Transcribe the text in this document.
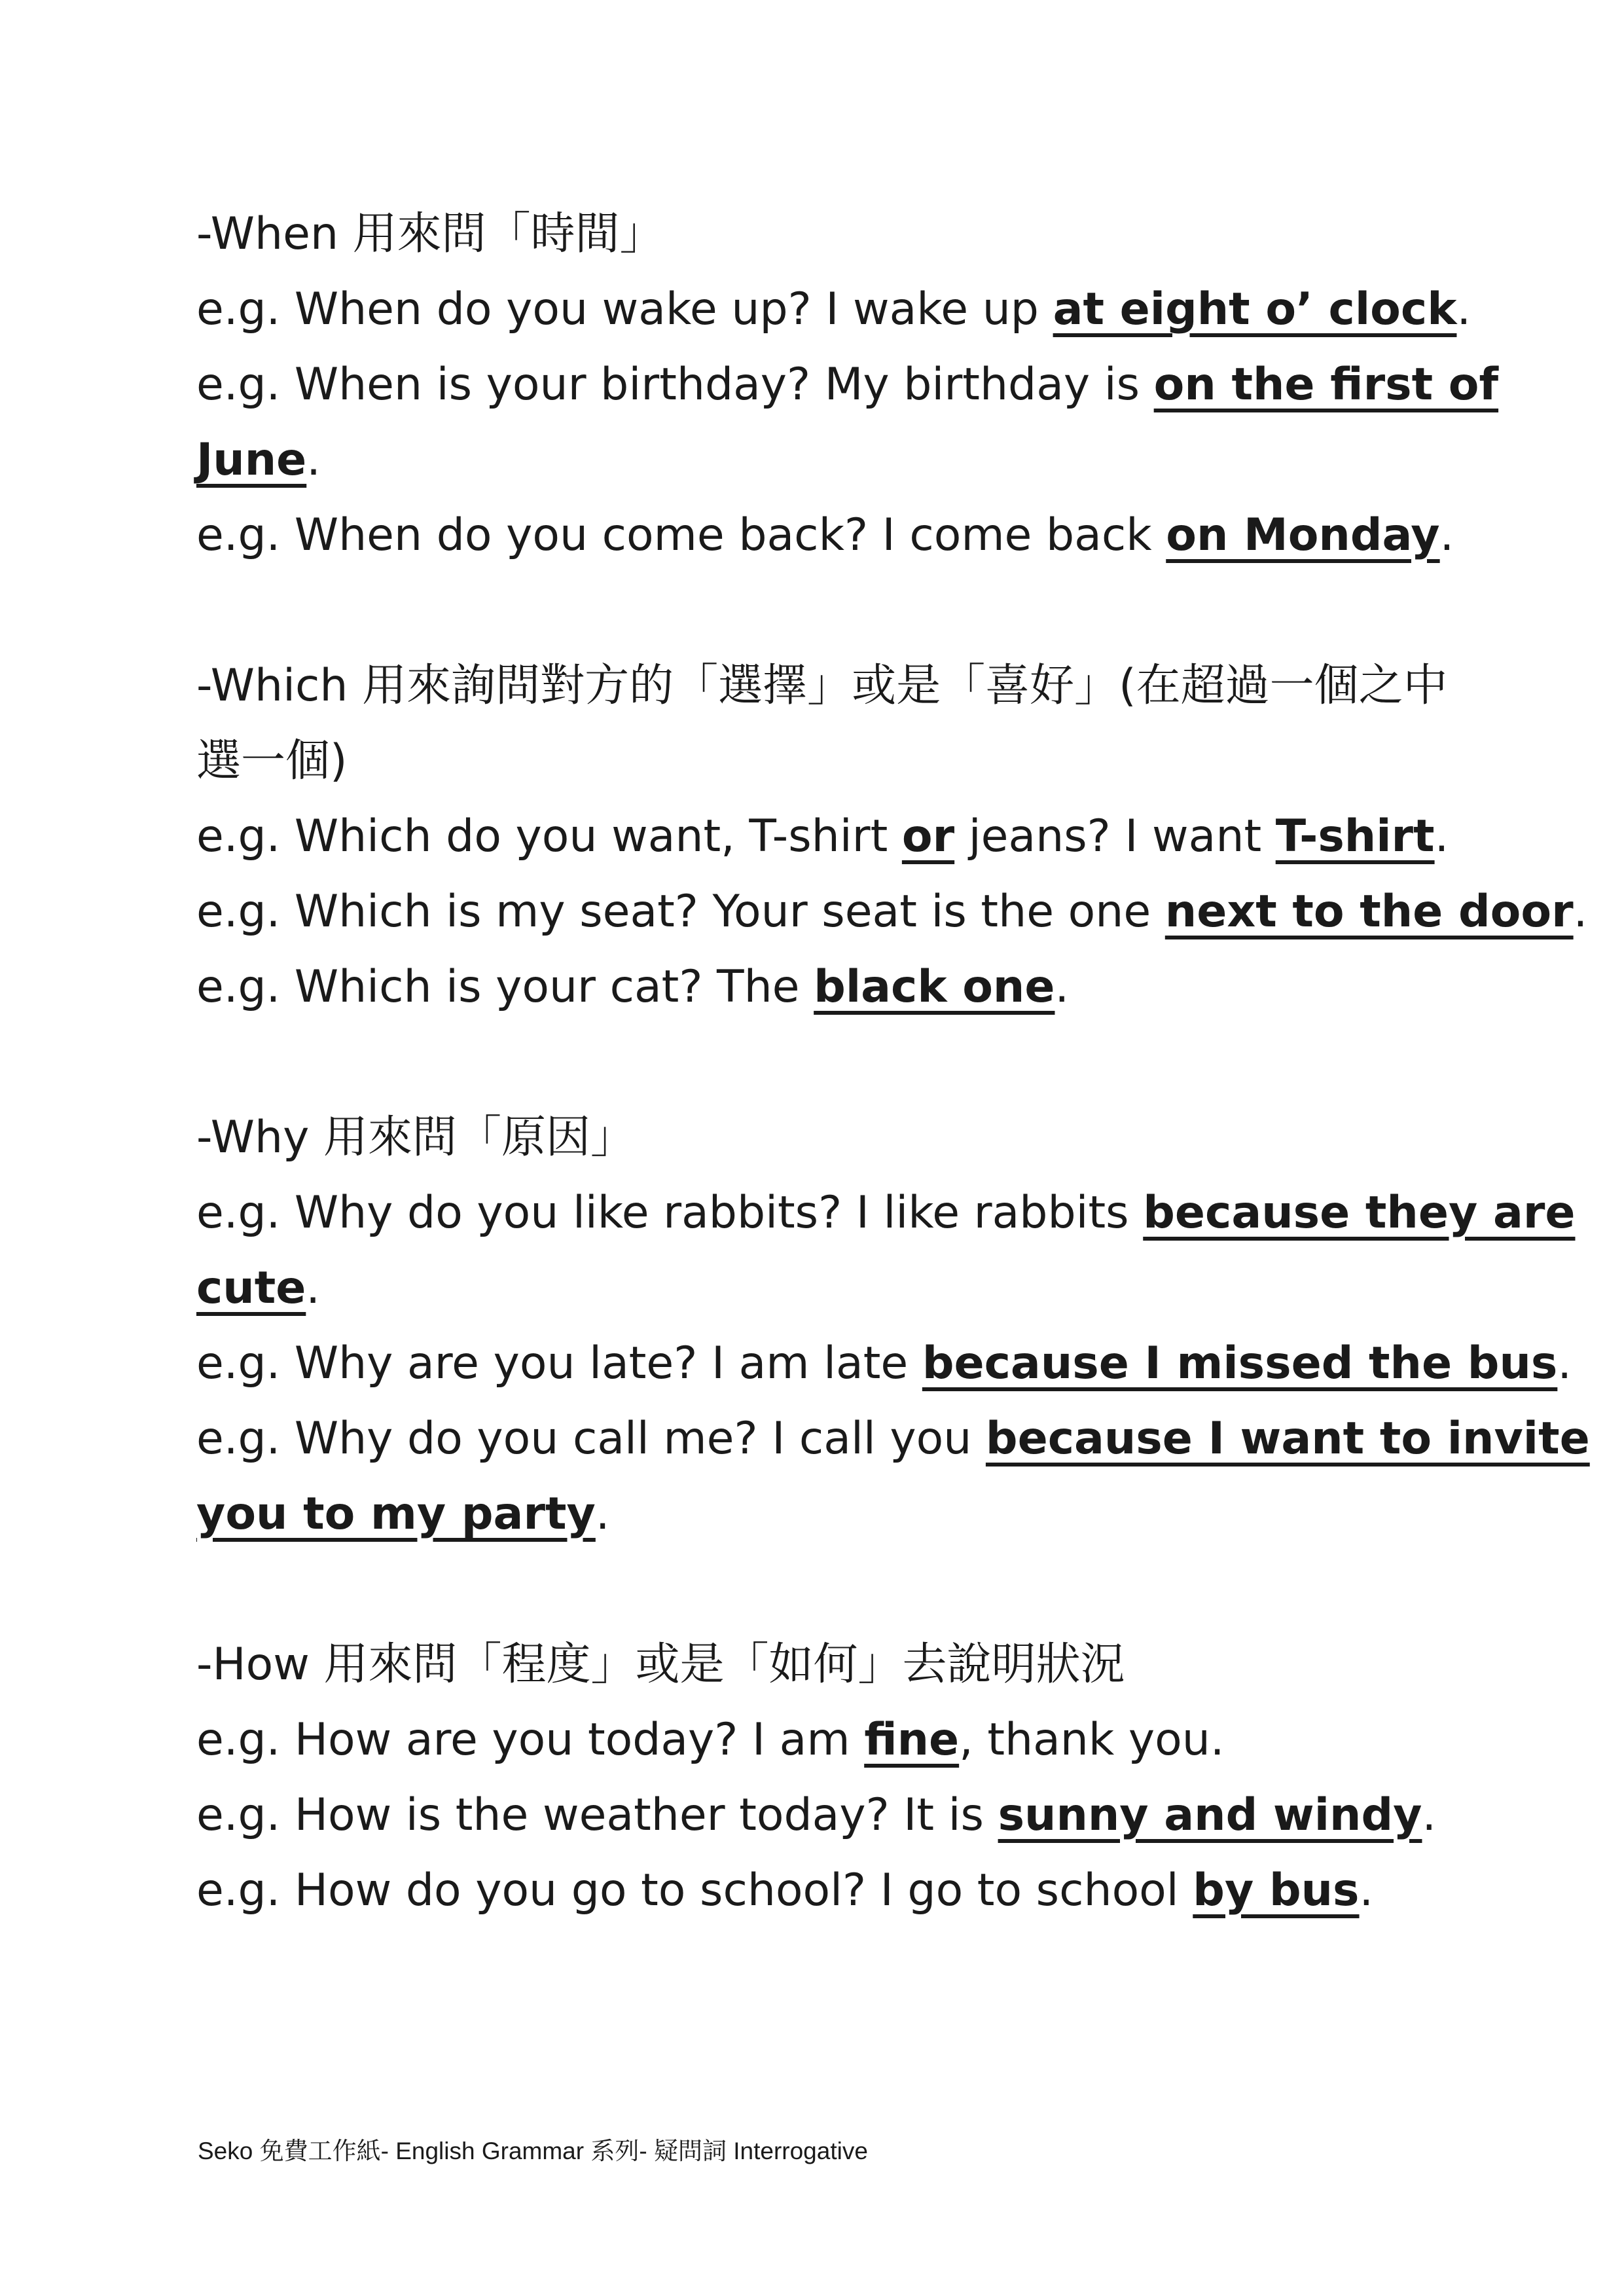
-When 用來問「時間」
e.g. When do you wake up? I wake up at eight o’ clock.
e.g. When is your birthday? My birthday is on the first of
June.
e.g. When do you come back? I come back on Monday.
-Which 用來詢問對方的「選擇」或是「喜好」(在超過一個之中
選一個)
e.g. Which do you want, T-shirt or jeans? I want T-shirt.
e.g. Which is my seat? Your seat is the one next to the door.
e.g. Which is your cat? The black one.
-Why 用來問「原因」
e.g. Why do you like rabbits? I like rabbits because they are
cute.
e.g. Why are you late? I am late because I missed the bus.
e.g. Why do you call me? I call you because I want to invite
you to my party.
-How 用來問「程度」或是「如何」去說明狀況
e.g. How are you today? I am fine, thank you.
e.g. How is the weather today? It is sunny and windy.
e.g. How do you go to school? I go to school by bus.
Seko 免費工作紙- English Grammar 系列- 疑問詞 Interrogative
